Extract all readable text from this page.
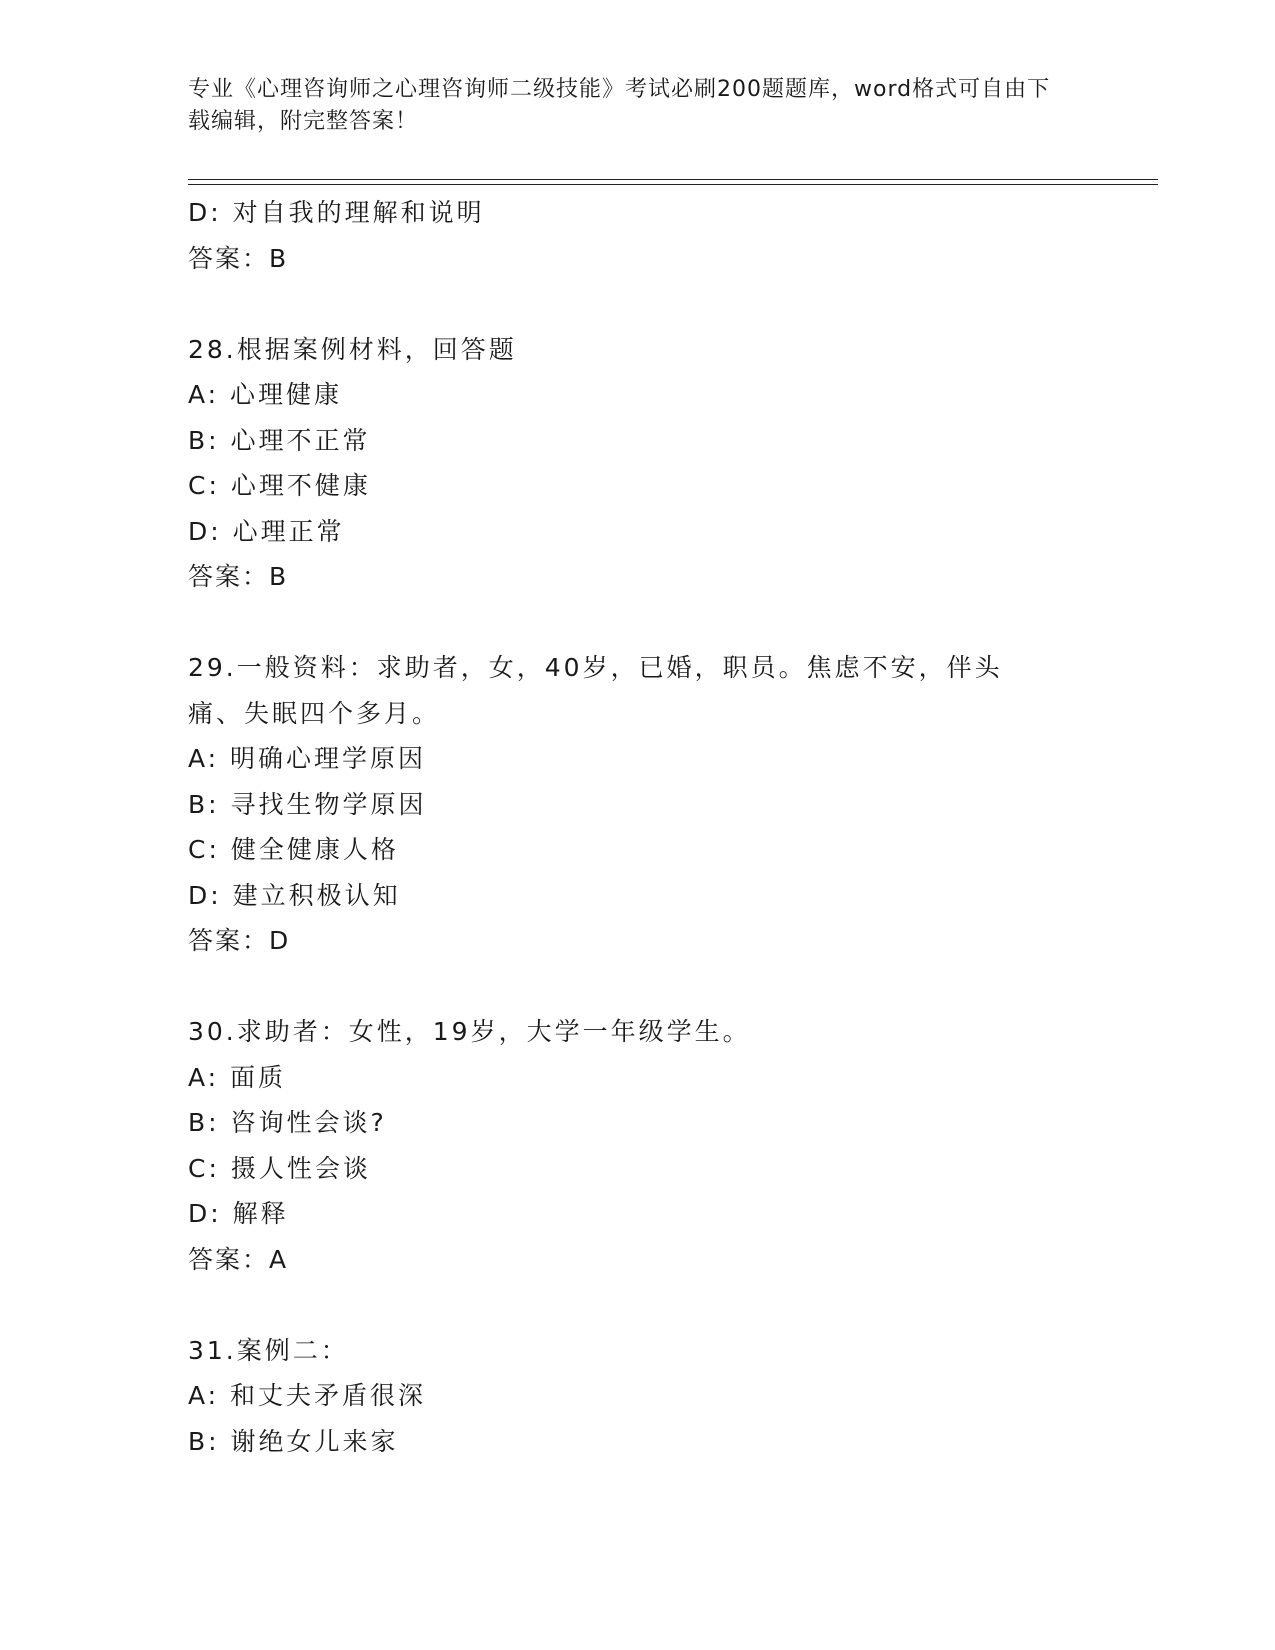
专业《心理咨询师之心理咨询师二级技能》考试必刷200题题库，word格式可自由下载编辑，附完整答案！
D: 对自我的理解和说明
答案：B
28.根据案例材料，回答题
A: 心理健康
B: 心理不正常
C: 心理不健康
D: 心理正常
答案：B
29.一般资料：求助者，女，40岁，已婚，职员。焦虑不安，伴头痛、失眠四个多月。
A: 明确心理学原因
B: 寻找生物学原因
C: 健全健康人格
D: 建立积极认知
答案：D
30.求助者：女性，19岁，大学一年级学生。
A: 面质
B: 咨询性会谈?
C: 摄人性会谈
D: 解释
答案：A
31.案例二：
A: 和丈夫矛盾很深
B: 谢绝女儿来家
